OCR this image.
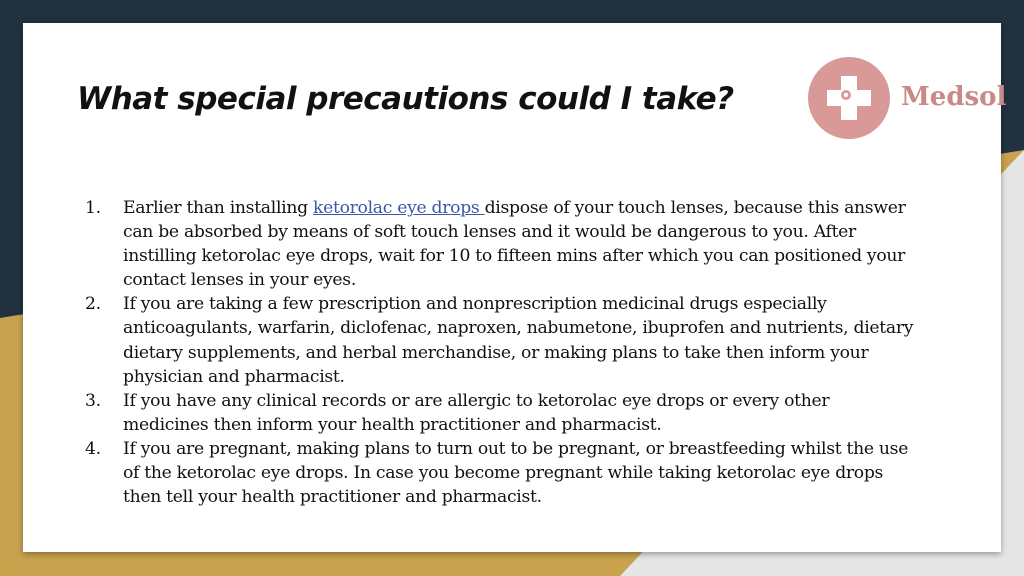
What special precautions could I take?	Medsol
1. Earlier than installing ketorolac eye drops dispose of your touch lenses, because this answer can be absorbed by means of soft touch lenses and it would be dangerous to you. After instilling ketorolac eye drops, wait for 10 to fifteen mins after which you can positioned your contact lenses in your eyes.
2. If you are taking a few prescription and nonprescription medicinal drugs especially anticoagulants, warfarin, diclofenac, naproxen, nabumetone, ibuprofen and nutrients, dietary dietary supplements, and herbal merchandise, or making plans to take then inform your physician and pharmacist.
3. If you have any clinical records or are allergic to ketorolac eye drops or every other medicines then inform your health practitioner and pharmacist.
4. If you are pregnant, making plans to turn out to be pregnant, or breastfeeding whilst the use of the ketorolac eye drops. In case you become pregnant while taking ketorolac eye drops then tell your health practitioner and pharmacist.
